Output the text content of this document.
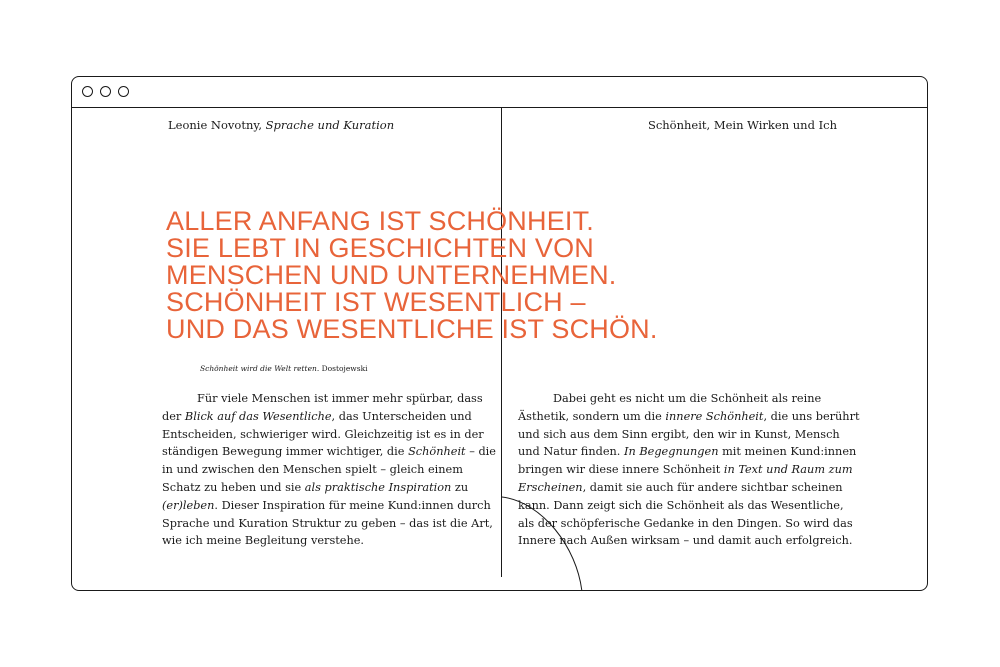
Leonie Novotny, Sprache und Kuration	Schönheit, Mein Wirken und Ich
ALLER ANFANG IST SCHÖNHEIT.
SIE LEBT IN GESCHICHTEN VON
MENSCHEN UND UNTERNEHMEN.
SCHÖNHEIT IST WESENTLICH –
UND DAS WESENTLICHE IST SCHÖN.
Schönheit wird die Welt retten. Dostojewski
Für viele Menschen ist immer mehr spürbar, dass
der Blick auf das Wesentliche, das Unterscheiden und
Entscheiden, schwieriger wird. Gleichzeitig ist es in der
ständigen Bewegung immer wichtiger, die Schönheit – die
in und zwischen den Menschen spielt – gleich einem
Schatz zu heben und sie als praktische Inspiration zu
(er)leben. Dieser Inspiration für meine Kund:innen durch
Sprache und Kuration Struktur zu geben – das ist die Art,
wie ich meine Begleitung verstehe.
Dabei geht es nicht um die Schönheit als reine
Ästhetik, sondern um die innere Schönheit, die uns berührt
und sich aus dem Sinn ergibt, den wir in Kunst, Mensch
und Natur finden. In Begegnungen mit meinen Kund:innen
bringen wir diese innere Schönheit in Text und Raum zum
Erscheinen, damit sie auch für andere sichtbar scheinen
kann. Dann zeigt sich die Schönheit als das Wesentliche,
als der schöpferische Gedanke in den Dingen. So wird das
Innere nach Außen wirksam – und damit auch erfolgreich.
